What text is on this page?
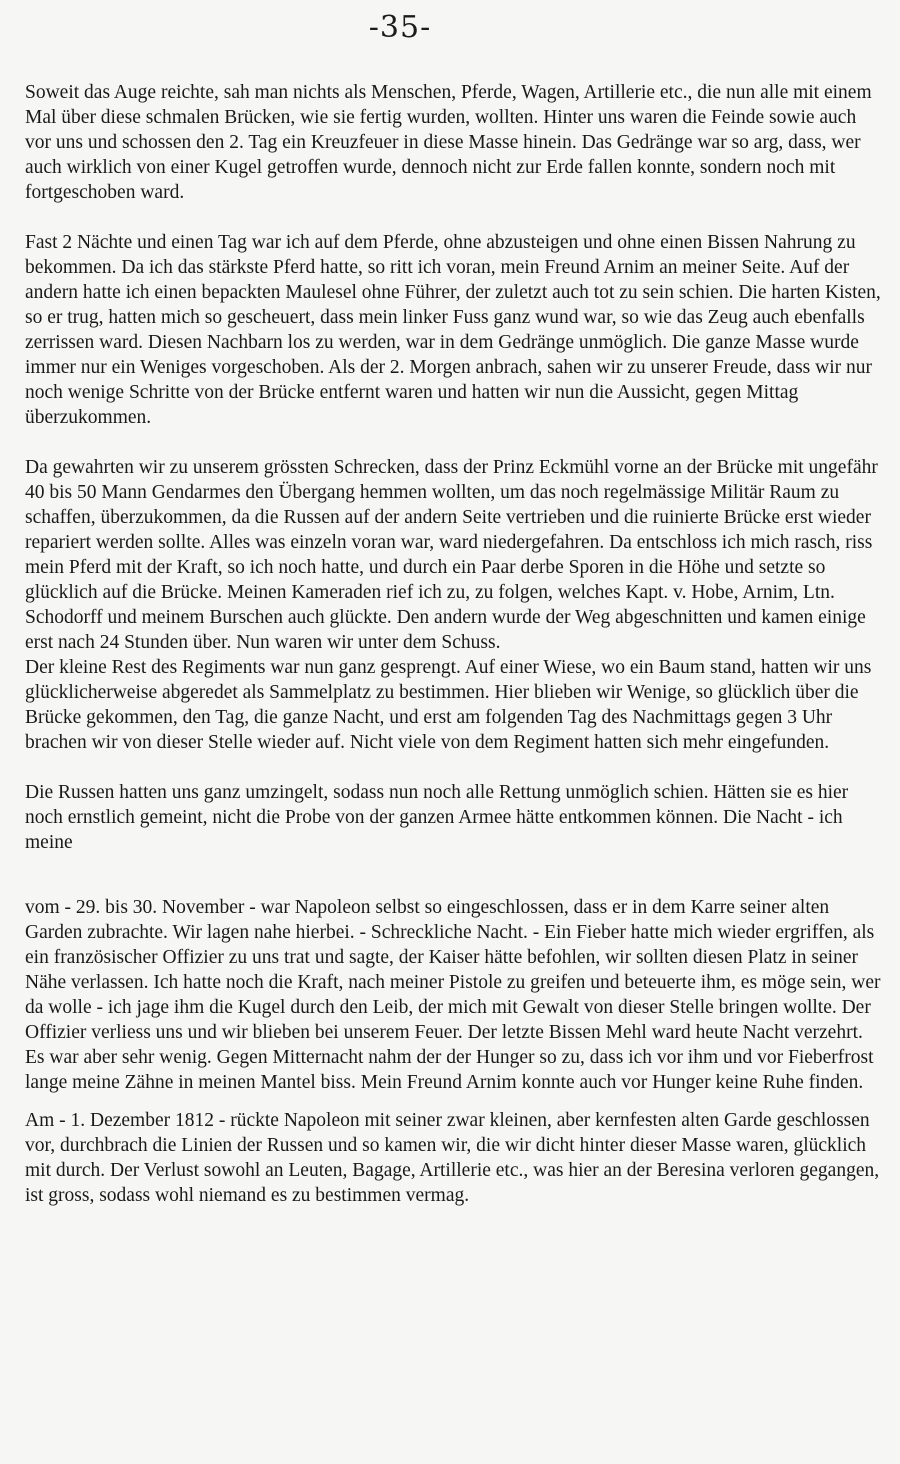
-35-

Soweit das Auge reichte, sah man nichts als Menschen, Pferde, Wagen, Artillerie etc., die nun alle mit einem Mal über diese schmalen Brücken, wie sie fertig wurden, wollten. Hinter uns waren die Feinde sowie auch vor uns und schossen den 2. Tag ein Kreuzfeuer in diese Masse hinein. Das Gedränge war so arg, dass, wer auch wirklich von einer Kugel getroffen wurde, dennoch nicht zur Erde fallen konnte, sondern noch mit fortgeschoben ward.

Fast 2 Nächte und einen Tag war ich auf dem Pferde, ohne abzusteigen und ohne einen Bissen Nahrung zu bekommen. Da ich das stärkste Pferd hatte, so ritt ich voran, mein Freund Arnim an meiner Seite. Auf der andern hatte ich einen bepackten Maulesel ohne Führer, der zuletzt auch tot zu sein schien. Die harten Kisten, so er trug, hatten mich so gescheuert, dass mein linker Fuss ganz wund war, so wie das Zeug auch ebenfalls zerrissen ward. Diesen Nachbarn los zu werden, war in dem Gedränge unmöglich. Die ganze Masse wurde immer nur ein Weniges vorgeschoben. Als der 2. Morgen anbrach, sahen wir zu unserer Freude, dass wir nur noch wenige Schritte von der Brücke entfernt waren und hatten wir nun die Aussicht, gegen Mittag überzukommen.

Da gewahrten wir zu unserem grössten Schrecken, dass der Prinz Eckmühl vorne an der Brücke mit ungefähr 40 bis 50 Mann Gendarmes den Übergang hemmen wollten, um das noch regelmässige Militär Raum zu schaffen, überzukommen, da die Russen auf der andern Seite vertrieben und die ruinierte Brücke erst wieder repariert werden sollte. Alles was einzeln voran war, ward niedergefahren. Da entschloss ich mich rasch, riss mein Pferd mit der Kraft, so ich noch hatte, und durch ein Paar derbe Sporen in die Höhe und setzte so glücklich auf die Brücke. Meinen Kameraden rief ich zu, zu folgen, welches Kapt. v. Hobe, Arnim, Ltn. Schodorff und meinem Burschen auch glückte. Den andern wurde der Weg abgeschnitten und kamen einige erst nach 24 Stunden über. Nun waren wir unter dem Schuss.

Der kleine Rest des Regiments war nun ganz gesprengt. Auf einer Wiese, wo ein Baum stand, hatten wir uns glücklicherweise abgeredet als Sammelplatz zu bestimmen. Hier blieben wir Wenige, so glücklich über die Brücke gekommen, den Tag, die ganze Nacht, und erst am folgenden Tag des Nachmittags gegen 3 Uhr brachen wir von dieser Stelle wieder auf. Nicht viele von dem Regiment hatten sich mehr eingefunden.

Die Russen hatten uns ganz umzingelt, sodass nun noch alle Rettung unmöglich schien. Hätten sie es hier noch ernstlich gemeint, nicht die Probe von der ganzen Armee hätte entkommen können. Die Nacht - ich meine

vom - 29. bis 30. November - war Napoleon selbst so eingeschlossen, dass er in dem Karre seiner alten Garden zubrachte. Wir lagen nahe hierbei. - Schreckliche Nacht. - Ein Fieber hatte mich wieder ergriffen, als ein französischer Offizier zu uns trat und sagte, der Kaiser hätte befohlen, wir sollten diesen Platz in seiner Nähe verlassen. Ich hatte noch die Kraft, nach meiner Pistole zu greifen und beteuerte ihm, es möge sein, wer da wolle - ich jage ihm die Kugel durch den Leib, der mich mit Gewalt von dieser Stelle bringen wollte. Der Offizier verliess uns und wir blieben bei unserem Feuer. Der letzte Bissen Mehl ward heute Nacht verzehrt. Es war aber sehr wenig. Gegen Mitternacht nahm der der Hunger so zu, dass ich vor ihm und vor Fieberfrost lange meine Zähne in meinen Mantel biss. Mein Freund Arnim konnte auch vor Hunger keine Ruhe finden.

Am - 1. Dezember 1812 - rückte Napoleon mit seiner zwar kleinen, aber kernfesten alten Garde geschlossen vor, durchbrach die Linien der Russen und so kamen wir, die wir dicht hinter dieser Masse waren, glücklich mit durch. Der Verlust sowohl an Leuten, Bagage, Artillerie etc., was hier an der Beresina verloren gegangen, ist gross, sodass wohl niemand es zu bestimmen vermag.
